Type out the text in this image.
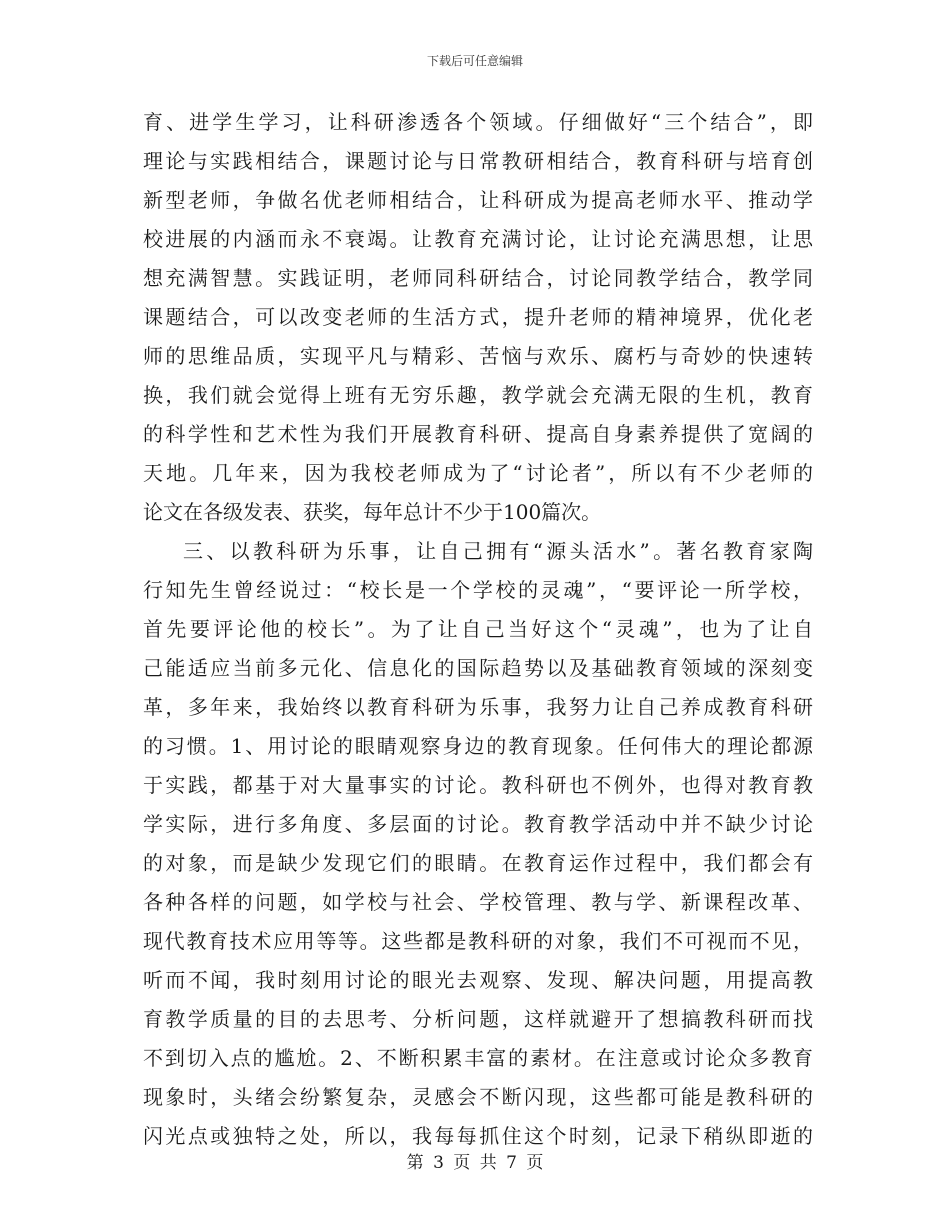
下载后可任意编辑
育、进学生学习，让科研渗透各个领域。仔细做好“三个结合”，即
理论与实践相结合，课题讨论与日常教研相结合，教育科研与培育创
新型老师，争做名优老师相结合，让科研成为提高老师水平、推动学
校进展的内涵而永不衰竭。让教育充满讨论，让讨论充满思想，让思
想充满智慧。实践证明，老师同科研结合，讨论同教学结合，教学同
课题结合，可以改变老师的生活方式，提升老师的精神境界，优化老
师的思维品质，实现平凡与精彩、苦恼与欢乐、腐朽与奇妙的快速转
换，我们就会觉得上班有无穷乐趣，教学就会充满无限的生机，教育
的科学性和艺术性为我们开展教育科研、提高自身素养提供了宽阔的
天地。几年来，因为我校老师成为了“讨论者”，所以有不少老师的
论文在各级发表、获奖，每年总计不少于100篇次。
三、以教科研为乐事，让自己拥有“源头活水”。著名教育家陶
行知先生曾经说过：“校长是一个学校的灵魂”，“要评论一所学校，
首先要评论他的校长”。为了让自己当好这个“灵魂”，也为了让自
己能适应当前多元化、信息化的国际趋势以及基础教育领域的深刻变
革，多年来，我始终以教育科研为乐事，我努力让自己养成教育科研
的习惯。1、用讨论的眼睛观察身边的教育现象。任何伟大的理论都源
于实践，都基于对大量事实的讨论。教科研也不例外，也得对教育教
学实际，进行多角度、多层面的讨论。教育教学活动中并不缺少讨论
的对象，而是缺少发现它们的眼睛。在教育运作过程中，我们都会有
各种各样的问题，如学校与社会、学校管理、教与学、新课程改革、
现代教育技术应用等等。这些都是教科研的对象，我们不可视而不见，
听而不闻，我时刻用讨论的眼光去观察、发现、解决问题，用提高教
育教学质量的目的去思考、分析问题，这样就避开了想搞教科研而找
不到切入点的尴尬。2、不断积累丰富的素材。在注意或讨论众多教育
现象时，头绪会纷繁复杂，灵感会不断闪现，这些都可能是教科研的
闪光点或独特之处，所以，我每每抓住这个时刻，记录下稍纵即逝的
第 3 页 共 7 页
